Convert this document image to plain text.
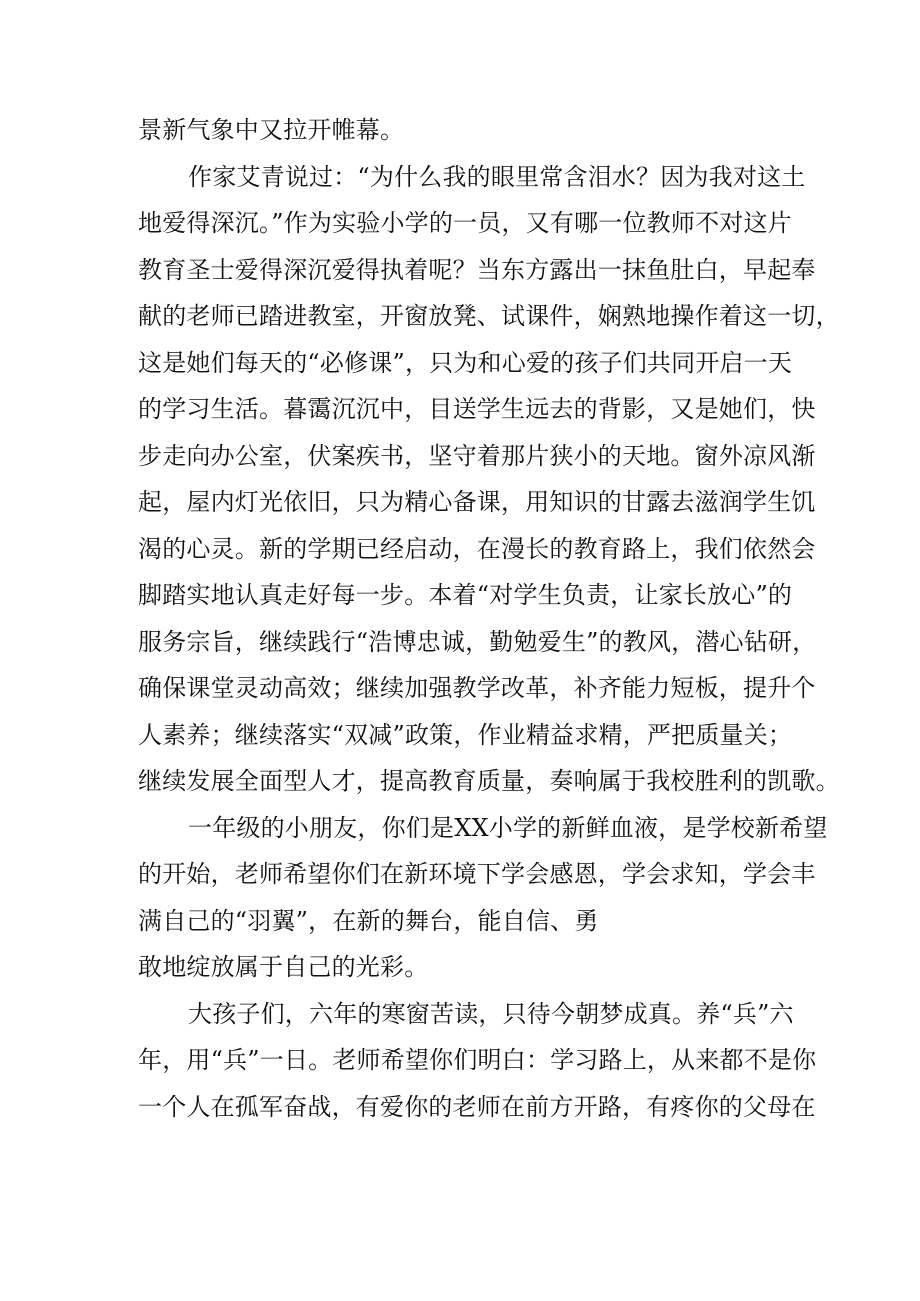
景新气象中又拉开帷幕。
作家艾青说过：“为什么我的眼里常含泪水？因为我对这土
地爱得深沉。”作为实验小学的一员，又有哪一位教师不对这片
教育圣士爱得深沉爱得执着呢？当东方露出一抹鱼肚白，早起奉
献的老师已踏进教室，开窗放凳、试课件，娴熟地操作着这一切，
这是她们每天的“必修课”，只为和心爱的孩子们共同开启一天
的学习生活。暮霭沉沉中，目送学生远去的背影，又是她们，快
步走向办公室，伏案疾书，坚守着那片狭小的天地。窗外凉风渐
起，屋内灯光依旧，只为精心备课，用知识的甘露去滋润学生饥
渴的心灵。新的学期已经启动，在漫长的教育路上，我们依然会
脚踏实地认真走好每一步。本着“对学生负责，让家长放心”的
服务宗旨，继续践行“浩博忠诚，勤勉爱生”的教风，潜心钻研，
确保课堂灵动高效；继续加强教学改革，补齐能力短板，提升个
人素养；继续落实“双减”政策，作业精益求精，严把质量关；
继续发展全面型人才，提高教育质量，奏响属于我校胜利的凯歌。
一年级的小朋友，你们是XX小学的新鲜血液，是学校新希望
的开始，老师希望你们在新环境下学会感恩，学会求知，学会丰
满自己的“羽翼”，在新的舞台，能自信、勇
敢地绽放属于自己的光彩。
大孩子们，六年的寒窗苦读，只待今朝梦成真。养“兵”六
年，用“兵”一日。老师希望你们明白：学习路上，从来都不是你
一个人在孤军奋战，有爱你的老师在前方开路，有疼你的父母在
